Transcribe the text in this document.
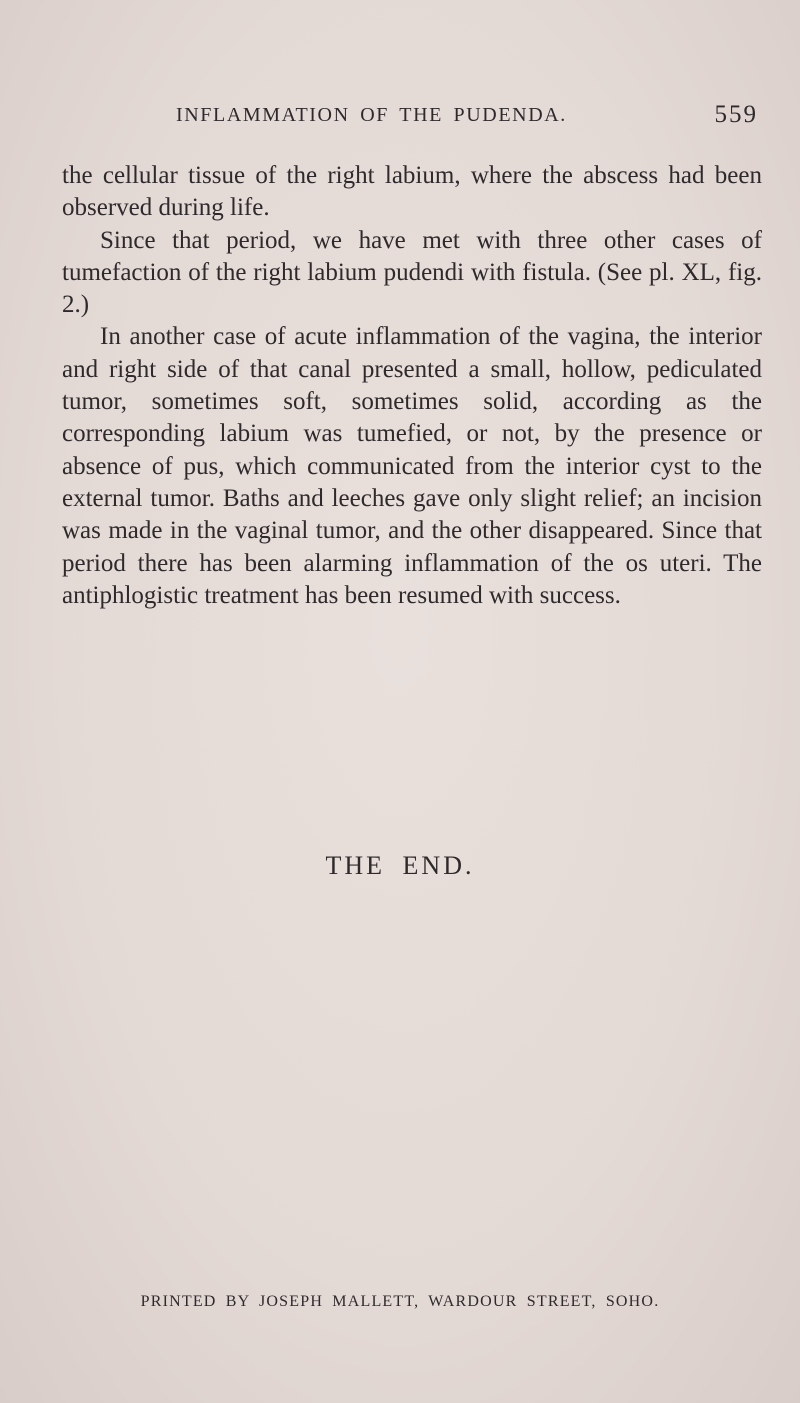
INFLAMMATION OF THE PUDENDA.	559

the cellular tissue of the right labium, where the abscess had been observed during life.

Since that period, we have met with three other cases of tumefaction of the right labium pudendi with fistula. (See pl. XL, fig. 2.)

In another case of acute inflammation of the vagina, the interior and right side of that canal presented a small, hollow, pediculated tumor, sometimes soft, sometimes solid, according as the corresponding labium was tumefied, or not, by the presence or absence of pus, which communicated from the interior cyst to the external tumor. Baths and leeches gave only slight relief; an incision was made in the vaginal tumor, and the other disappeared. Since that period there has been alarming inflammation of the os uteri. The antiphlogistic treatment has been resumed with success.

THE END.
PRINTED BY JOSEPH MALLETT, WARDOUR STREET, SOHO.
